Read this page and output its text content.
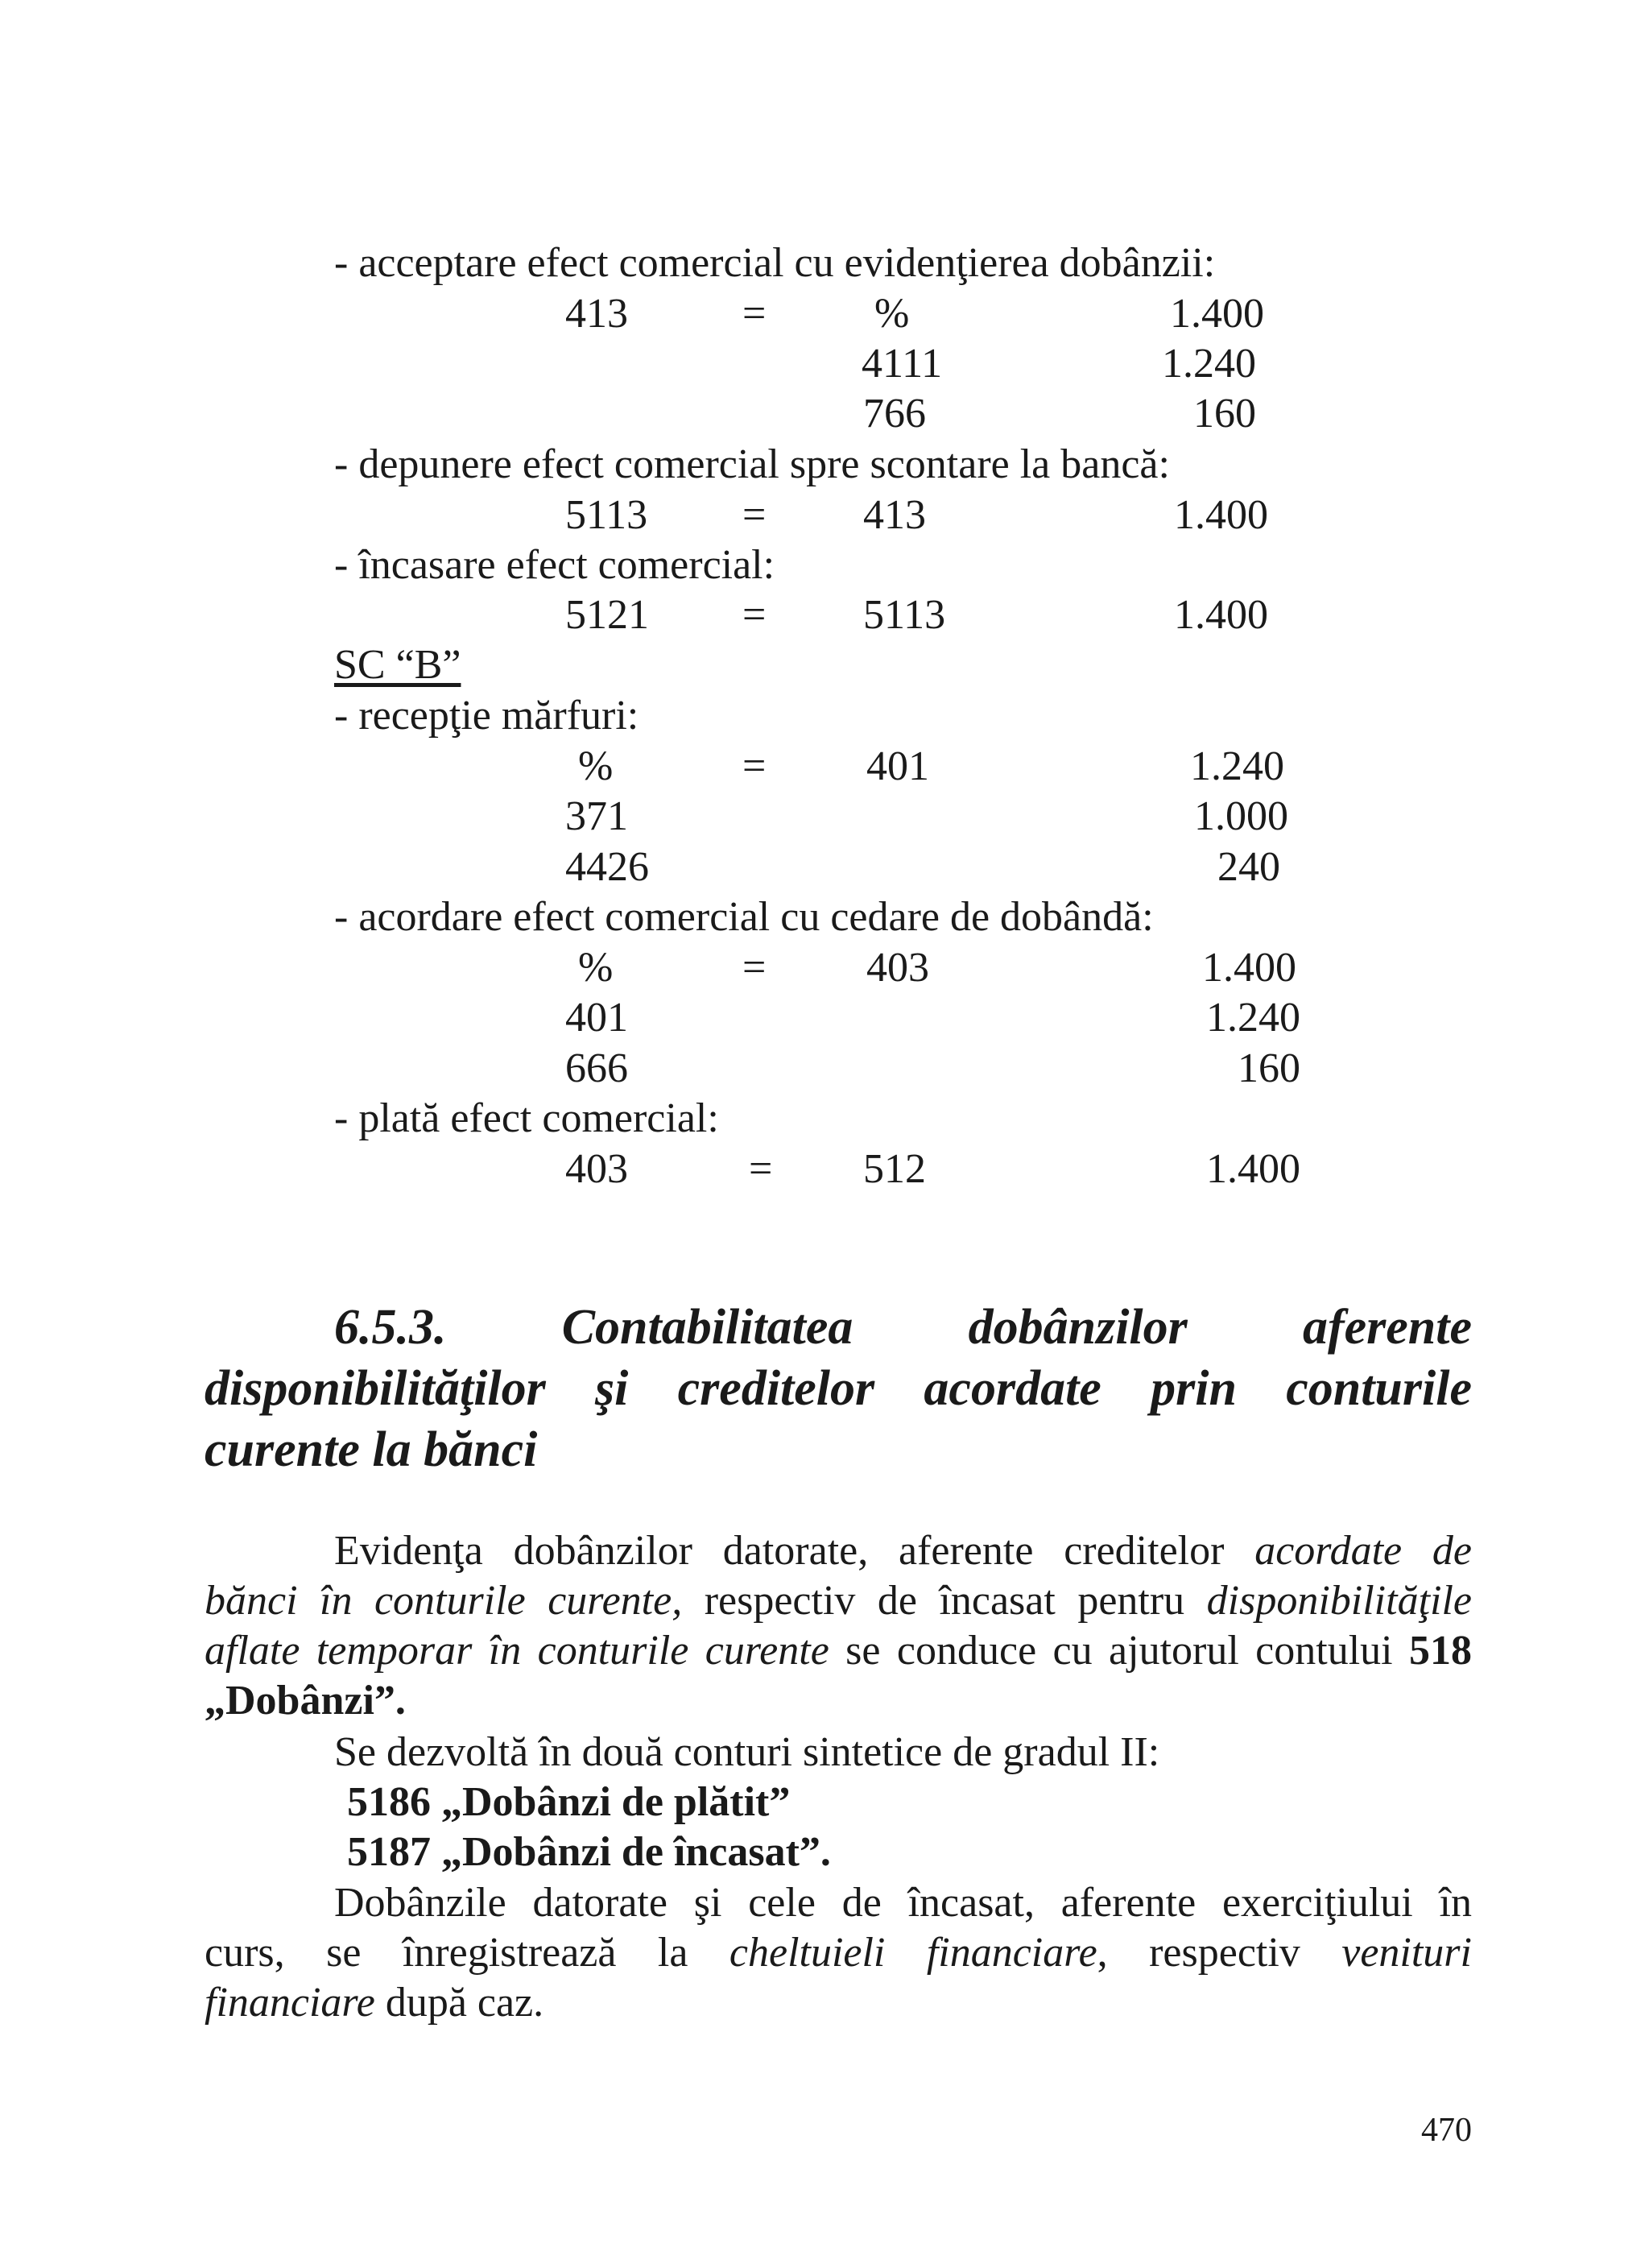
- acceptare efect comercial cu evidenţierea dobânzii:
413	=	%	1.400
4111	1.240
766	160
- depunere efect comercial spre scontare la bancă:
5113 = 413	1.400
- încasare efect comercial:
5121 = 5113	1.400
SC “B”
- recepţie mărfuri:
%	= 401	1.240
371	1.000
4426	240
- acordare efect comercial cu cedare de dobândă:
%	= 403	1.400
401	1.240
666	160
- plată efect comercial:
403	= 512	1.400
6.5.3. Contabilitatea dobânzilor aferente
disponibilităţilor şi creditelor acordate prin conturile
curente la bănci
Evidenţa dobânzilor datorate, aferente creditelor acordate de
bănci în conturile curente, respectiv de încasat pentru disponibilităţile
aflate temporar în conturile curente se conduce cu ajutorul contului 518
„Dobânzi”.
Se dezvoltă în două conturi sintetice de gradul II:
5186 „Dobânzi de plătit”
5187 „Dobânzi de încasat”.
Dobânzile datorate şi cele de încasat, aferente exerciţiului în
curs, se înregistrează la cheltuieli financiare, respectiv venituri
financiare după caz.
470
